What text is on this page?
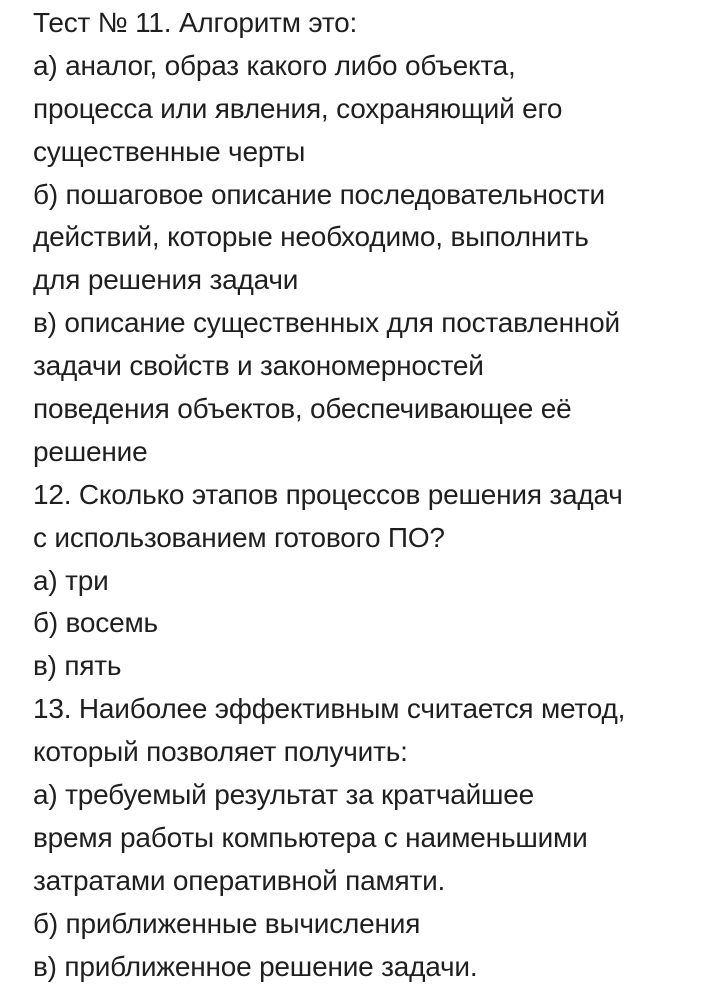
Тест № 11. Алгоритм это:
а) аналог, образ какого либо объекта,
процесса или явления, сохраняющий его
существенные черты
б) пошаговое описание последовательности
действий, которые необходимо, выполнить
для решения задачи
в) описание существенных для поставленной
задачи свойств и закономерностей
поведения объектов, обеспечивающее её
решение
12. Сколько этапов процессов решения задач
с использованием готового ПО?
а) три
б) восемь
в) пять
13. Наиболее эффективным считается метод,
который позволяет получить:
а) требуемый результат за кратчайшее
время работы компьютера с наименьшими
затратами оперативной памяти.
б) приближенные вычисления
в) приближенное решение задачи.
